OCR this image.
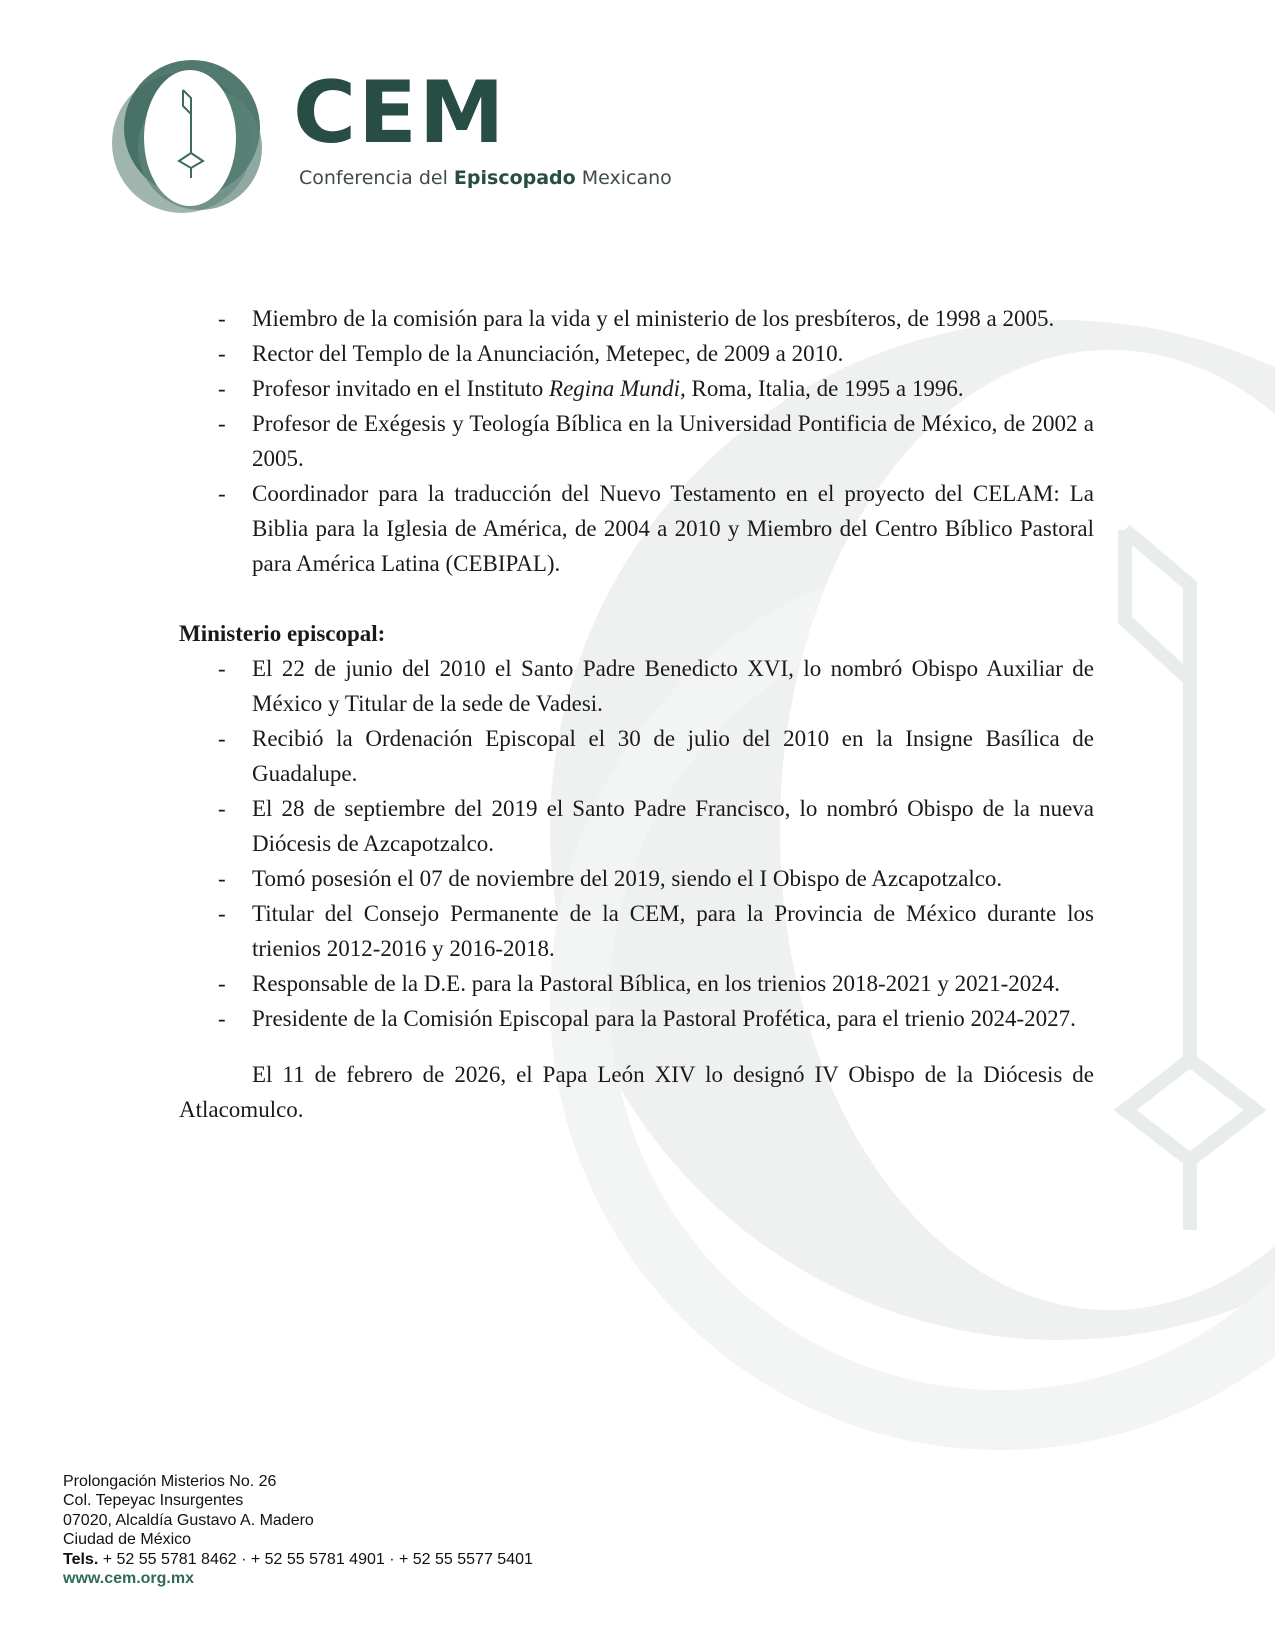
CEM
Conferencia del Episcopado Mexicano
- Miembro de la comisión para la vida y el ministerio de los presbíteros, de 1998 a 2005.
- Rector del Templo de la Anunciación, Metepec, de 2009 a 2010.
- Profesor invitado en el Instituto Regina Mundi, Roma, Italia, de 1995 a 1996.
- Profesor de Exégesis y Teología Bíblica en la Universidad Pontificia de México, de 2002 a 2005.
- Coordinador para la traducción del Nuevo Testamento en el proyecto del CELAM: La Biblia para la Iglesia de América, de 2004 a 2010 y Miembro del Centro Bíblico Pastoral para América Latina (CEBIPAL).
Ministerio episcopal:
- El 22 de junio del 2010 el Santo Padre Benedicto XVI, lo nombró Obispo Auxiliar de México y Titular de la sede de Vadesi.
- Recibió la Ordenación Episcopal el 30 de julio del 2010 en la Insigne Basílica de Guadalupe.
- El 28 de septiembre del 2019 el Santo Padre Francisco, lo nombró Obispo de la nueva Diócesis de Azcapotzalco.
- Tomó posesión el 07 de noviembre del 2019, siendo el I Obispo de Azcapotzalco.
- Titular del Consejo Permanente de la CEM, para la Provincia de México durante los trienios 2012-2016 y 2016-2018.
- Responsable de la D.E. para la Pastoral Bíblica, en los trienios 2018-2021 y 2021-2024.
- Presidente de la Comisión Episcopal para la Pastoral Profética, para el trienio 2024-2027.

El 11 de febrero de 2026, el Papa León XIV lo designó IV Obispo de la Diócesis de Atlacomulco.

Prolongación Misterios No. 26
Col. Tepeyac Insurgentes
07020, Alcaldía Gustavo A. Madero
Ciudad de México
Tels. + 52 55 5781 8462 · + 52 55 5781 4901 · + 52 55 5577 5401
www.cem.org.mx
